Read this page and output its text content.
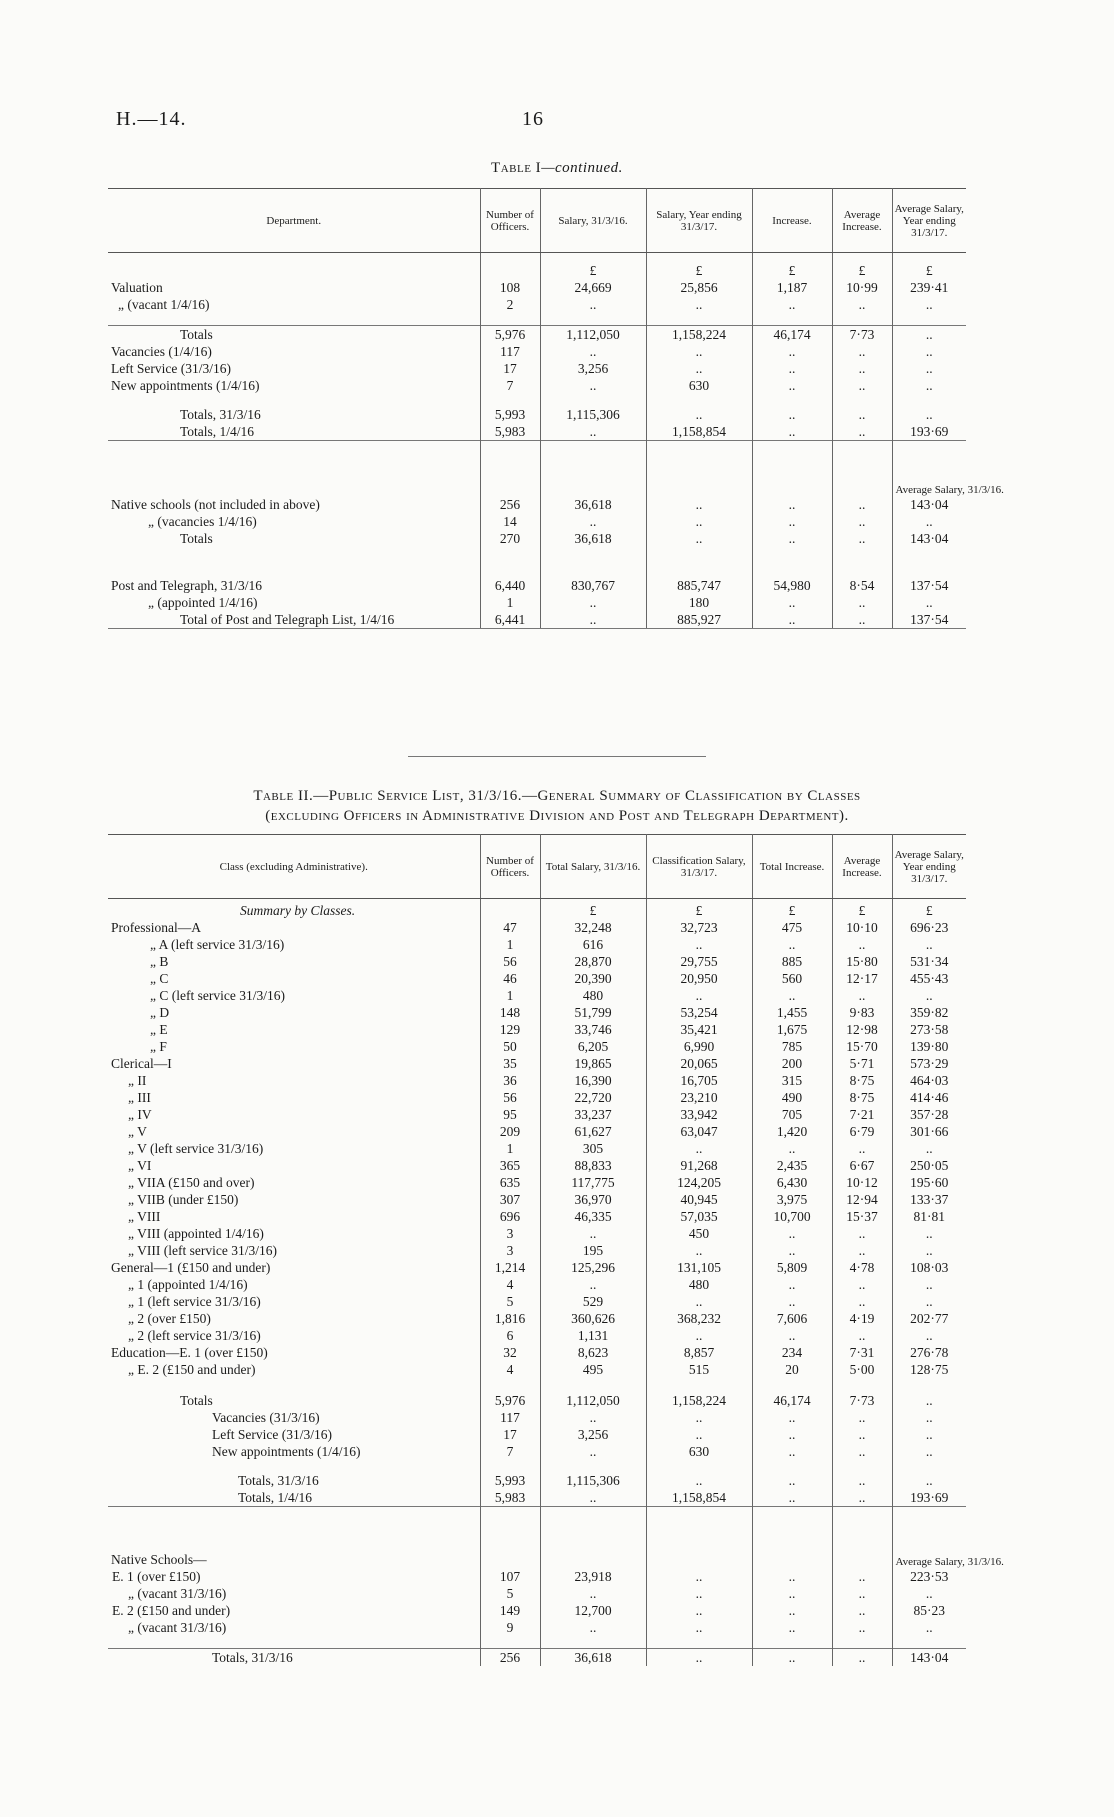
H.—14.	16
Table I—continued.
Department.	Number of Officers.	Salary, 31/3/16.	Salary, Year ending 31/3/17.	Increase.	Average Increase.	Average Salary, Year ending 31/3/17.
		£	£	£	£	£
Valuation	108	24,669	25,856	1,187	10·99	239·41
„ (vacant 1/4/16)	2	..	..	..	..	..

Totals	5,976	1,112,050	1,158,224	46,174	7·73	..
Vacancies (1/4/16)	117	..	..	..	..	..
Left Service (31/3/16)	17	3,256	..	..	..	..
New appointments (1/4/16)	7	..	630	..	..	..

Totals, 31/3/16	5,993	1,115,306	..	..	..	..
Totals, 1/4/16	5,983	..	1,158,854	..	..	193·69
						Average Salary, 31/3/16.
Native schools (not included in above)	256	36,618	..	..	..	143·04
„ (vacancies 1/4/16)	14	..	..	..	..	..
Totals	270	36,618	..	..	..	143·04

Post and Telegraph, 31/3/16	6,440	830,767	885,747	54,980	8·54	137·54
„ (appointed 1/4/16)	1	..	180	..	..	..
Total of Post and Telegraph List, 1/4/16	6,441	..	885,927	..	..	137·54
Table II.—Public Service List, 31/3/16.—General Summary of Classification by Classes
(excluding Officers in Administrative Division and Post and Telegraph Department).
Class (excluding Administrative).	Number of Officers.	Total Salary, 31/3/16.	Classification Salary, 31/3/17.	Total Increase.	Average Increase.	Average Salary, Year ending 31/3/17.
Summary by Classes.		£	£	£	£	£
Professional—A	47	32,248	32,723	475	10·10	696·23
„ A (left service 31/3/16)	1	616	..	..	..	..
„ B	56	28,870	29,755	885	15·80	531·34
„ C	46	20,390	20,950	560	12·17	455·43
„ C (left service 31/3/16)	1	480	..	..	..	..
„ D	148	51,799	53,254	1,455	9·83	359·82
„ E	129	33,746	35,421	1,675	12·98	273·58
„ F	50	6,205	6,990	785	15·70	139·80
Clerical—I	35	19,865	20,065	200	5·71	573·29
„ II	36	16,390	16,705	315	8·75	464·03
„ III	56	22,720	23,210	490	8·75	414·46
„ IV	95	33,237	33,942	705	7·21	357·28
„ V	209	61,627	63,047	1,420	6·79	301·66
„ V (left service 31/3/16)	1	305	..	..	..	..
„ VI	365	88,833	91,268	2,435	6·67	250·05
„ VIIA (£150 and over)	635	117,775	124,205	6,430	10·12	195·60
„ VIIB (under £150)	307	36,970	40,945	3,975	12·94	133·37
„ VIII	696	46,335	57,035	10,700	15·37	81·81
„ VIII (appointed 1/4/16)	3	..	450	..	..	..
„ VIII (left service 31/3/16)	3	195	..	..	..	..
General—1 (£150 and under)	1,214	125,296	131,105	5,809	4·78	108·03
„ 1 (appointed 1/4/16)	4	..	480	..	..	..
„ 1 (left service 31/3/16)	5	529	..	..	..	..
„ 2 (over £150)	1,816	360,626	368,232	7,606	4·19	202·77
„ 2 (left service 31/3/16)	6	1,131	..	..	..	..
Education—E. 1 (over £150)	32	8,623	8,857	234	7·31	276·78
„ E. 2 (£150 and under)	4	495	515	20	5·00	128·75

Totals	5,976	1,112,050	1,158,224	46,174	7·73	..
Vacancies (31/3/16)	117	..	..	..	..	..
Left Service (31/3/16)	17	3,256	..	..	..	..
New appointments (1/4/16)	7	..	630	..	..	..

Totals, 31/3/16	5,993	1,115,306	..	..	..	..
Totals, 1/4/16	5,983	..	1,158,854	..	..	193·69
Native Schools—						Average Salary, 31/3/16.
E. 1 (over £150)	107	23,918	..	..	..	223·53
„ (vacant 31/3/16)	5	..	..	..	..	..
E. 2 (£150 and under)	149	12,700	..	..	..	85·23
„ (vacant 31/3/16)	9	..	..	..	..	..

Totals, 31/3/16	256	36,618	..	..	..	143·04
